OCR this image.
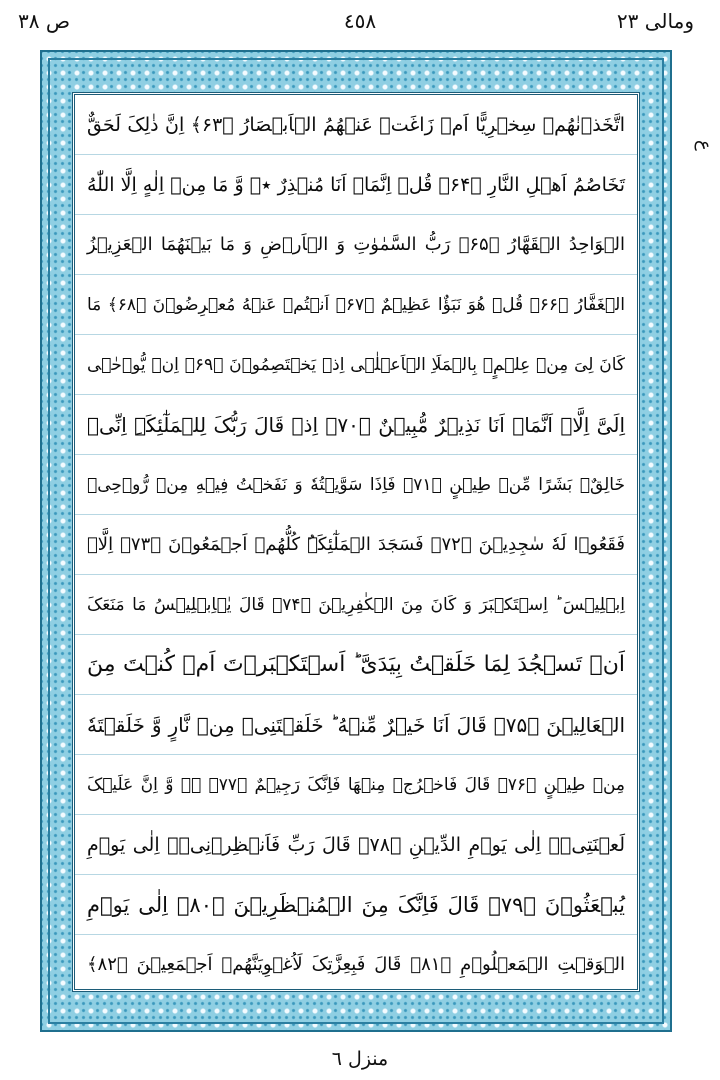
ص ٣٨	٤٥٨	ومالی ٢٣
اتَّخَذۡنٰهُمۡ سِخۡرِیًّا اَمۡ زَاغَتۡ عَنۡهُمُ الۡاَبۡصَارُ ﴿۶۳﴾ اِنَّ ذٰلِکَ لَحَقٌّ
تَخَاصُمُ اَهۡلِ النَّارِ ﴿۶۴﴾ قُلۡ اِنَّمَاۤ اَنَا مُنۡذِرٌ ٭ۖ وَّ مَا مِنۡ اِلٰهٍ اِلَّا اللّٰهُ
الۡوَاحِدُ الۡقَهَّارُ ﴿۶۵﴾ رَبُّ السَّمٰوٰتِ وَ الۡاَرۡضِ وَ مَا بَیۡنَهُمَا الۡعَزِیۡزُ
الۡغَفَّارُ ﴿۶۶﴾ قُلۡ هُوَ نَبَؤٌا عَظِیۡمٌ ﴿۶۷﴾ اَنۡتُمۡ عَنۡهُ مُعۡرِضُوۡنَ ﴿۶۸﴾ مَا
کَانَ لِیَ مِنۡ عِلۡمٍۭ بِالۡمَلَاِ الۡاَعۡلٰۤی اِذۡ یَخۡتَصِمُوۡنَ ﴿۶۹﴾ اِنۡ یُّوۡحٰۤی
اِلَیَّ اِلَّاۤ اَنَّمَاۤ اَنَا نَذِیۡرٌ مُّبِیۡنٌ ﴿۷۰﴾ اِذۡ قَالَ رَبُّکَ لِلۡمَلٰٓئِکَۃِ اِنِّیۡ
خَالِقٌۢ بَشَرًا مِّنۡ طِیۡنٍ ﴿۷۱﴾ فَاِذَا سَوَّیۡتُهٗ وَ نَفَخۡتُ فِیۡهِ مِنۡ رُّوۡحِیۡ
فَقَعُوۡا لَهٗ سٰجِدِیۡنَ ﴿۷۲﴾ فَسَجَدَ الۡمَلٰٓئِکَۃُ کُلُّهُمۡ اَجۡمَعُوۡنَ ﴿۷۳﴾ اِلَّاۤ
اِبۡلِیۡسَ ؕ اِسۡتَکۡبَرَ وَ کَانَ مِنَ الۡکٰفِرِیۡنَ ﴿۷۴﴾ قَالَ یٰۤاِبۡلِیۡسُ مَا مَنَعَکَ
اَنۡ تَسۡجُدَ لِمَا خَلَقۡتُ بِیَدَیَّ ؕ اَسۡتَکۡبَرۡتَ اَمۡ کُنۡتَ مِنَ
الۡعَالِیۡنَ ﴿۷۵﴾ قَالَ اَنَا خَیۡرٌ مِّنۡهُ ؕ خَلَقۡتَنِیۡ مِنۡ نَّارٍ وَّ خَلَقۡتَهٗ
مِنۡ طِیۡنٍ ﴿۷۶﴾ قَالَ فَاخۡرُجۡ مِنۡهَا فَاِنَّکَ رَجِیۡمٌ ﴿۷۷﴾ ۖۚ وَّ اِنَّ عَلَیۡکَ
لَعۡنَتِیۡۤ اِلٰی یَوۡمِ الدِّیۡنِ ﴿۷۸﴾ قَالَ رَبِّ فَاَنۡظِرۡنِیۡۤ اِلٰی یَوۡمِ
یُبۡعَثُوۡنَ ﴿۷۹﴾ قَالَ فَاِنَّکَ مِنَ الۡمُنۡظَرِیۡنَ ﴿۸۰﴾ اِلٰی یَوۡمِ
الۡوَقۡتِ الۡمَعۡلُوۡمِ ﴿۸۱﴾ قَالَ فَبِعِزَّتِکَ لَاُغۡوِیَنَّهُمۡ اَجۡمَعِیۡنَ ﴿۸۲﴾
ع
منزل ٦
